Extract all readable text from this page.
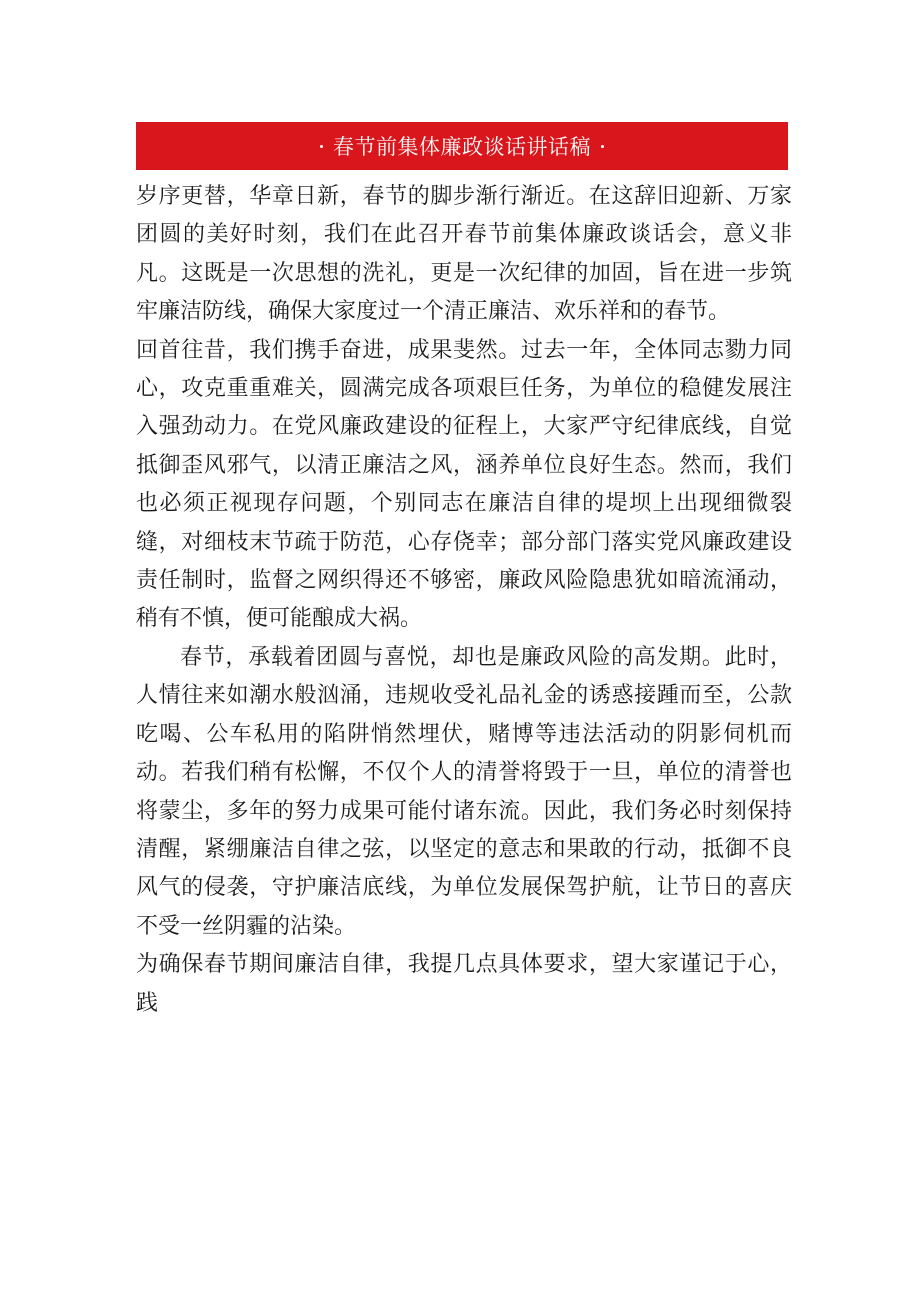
春节前集体廉政谈话讲话稿

岁序更替，华章日新，春节的脚步渐行渐近。在这辞旧迎新、万家团圆的美好时刻，我们在此召开春节前集体廉政谈话会，意义非凡。这既是一次思想的洗礼，更是一次纪律的加固，旨在进一步筑牢廉洁防线，确保大家度过一个清正廉洁、欢乐祥和的春节。

回首往昔，我们携手奋进，成果斐然。过去一年，全体同志勠力同心，攻克重重难关，圆满完成各项艰巨任务，为单位的稳健发展注入强劲动力。在党风廉政建设的征程上，大家严守纪律底线，自觉抵御歪风邪气，以清正廉洁之风，涵养单位良好生态。然而，我们也必须正视现存问题，个别同志在廉洁自律的堤坝上出现细微裂缝，对细枝末节疏于防范，心存侥幸；部分部门落实党风廉政建设责任制时，监督之网织得还不够密，廉政风险隐患犹如暗流涌动，稍有不慎，便可能酿成大祸。

春节，承载着团圆与喜悦，却也是廉政风险的高发期。此时，人情往来如潮水般汹涌，违规收受礼品礼金的诱惑接踵而至，公款吃喝、公车私用的陷阱悄然埋伏，赌博等违法活动的阴影伺机而动。若我们稍有松懈，不仅个人的清誉将毁于一旦，单位的清誉也将蒙尘，多年的努力成果可能付诸东流。因此，我们务必时刻保持清醒，紧绷廉洁自律之弦，以坚定的意志和果敢的行动，抵御不良风气的侵袭，守护廉洁底线，为单位发展保驾护航，让节日的喜庆不受一丝阴霾的沾染。

为确保春节期间廉洁自律，我提几点具体要求，望大家谨记于心，践
